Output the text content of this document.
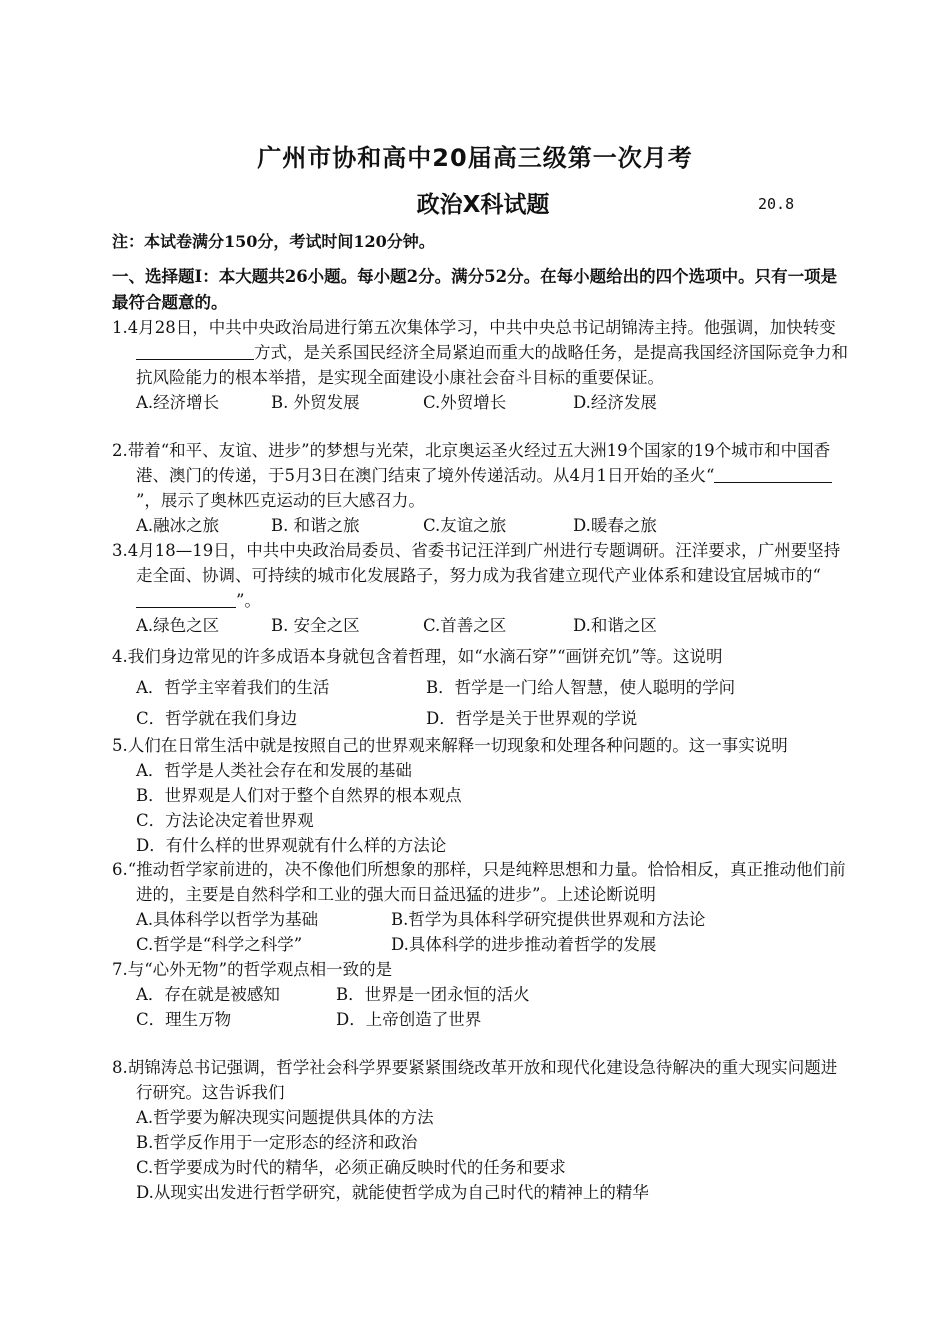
广州市协和高中20届高三级第一次月考
政治X科试题	20.8
注：本试卷满分150分，考试时间120分钟。
一、选择题Ⅰ：本大题共26小题。每小题2分。满分52分。在每小题给出的四个选项中。只有一项是最符合题意的。
1.4月28日，中共中央政治局进行第五次集体学习，中共中央总书记胡锦涛主持。他强调，加快转变方式，是关系国民经济全局紧迫而重大的战略任务，是提高我国经济国际竞争力和抗风险能力的根本举措，是实现全面建设小康社会奋斗目标的重要保证。
A.经济增长	B. 外贸发展	C.外贸增长	D.经济发展
2.带着“和平、友谊、进步”的梦想与光荣，北京奥运圣火经过五大洲19个国家的19个城市和中国香港、澳门的传递，于5月3日在澳门结束了境外传递活动。从4月1日开始的圣火“”，展示了奥林匹克运动的巨大感召力。
A.融冰之旅	B. 和谐之旅	C.友谊之旅	D.暖春之旅
3.4月18—19日，中共中央政治局委员、省委书记汪洋到广州进行专题调研。汪洋要求，广州要坚持走全面、协调、可持续的城市化发展路子，努力成为我省建立现代产业体系和建设宜居城市的“”。
A.绿色之区	B. 安全之区	C.首善之区	D.和谐之区
4.我们身边常见的许多成语本身就包含着哲理，如“水滴石穿”“画饼充饥”等。这说明
A．哲学主宰着我们的生活	B．哲学是一门给人智慧，使人聪明的学问
C．哲学就在我们身边	D．哲学是关于世界观的学说
5.人们在日常生活中就是按照自己的世界观来解释一切现象和处理各种问题的。这一事实说明
A．哲学是人类社会存在和发展的基础
B．世界观是人们对于整个自然界的根本观点
C．方法论决定着世界观
D．有什么样的世界观就有什么样的方法论
6.“推动哲学家前进的，决不像他们所想象的那样，只是纯粹思想和力量。恰恰相反，真正推动他们前进的，主要是自然科学和工业的强大而日益迅猛的进步”。上述论断说明
A.具体科学以哲学为基础	B.哲学为具体科学研究提供世界观和方法论
C.哲学是“科学之科学”	D.具体科学的进步推动着哲学的发展
7.与“心外无物”的哲学观点相一致的是
A．存在就是被感知	B．世界是一团永恒的活火
C．理生万物	D．上帝创造了世界
8.胡锦涛总书记强调，哲学社会科学界要紧紧围绕改革开放和现代化建设急待解决的重大现实问题进行研究。这告诉我们
A.哲学要为解决现实问题提供具体的方法
B.哲学反作用于一定形态的经济和政治
C.哲学要成为时代的精华，必须正确反映时代的任务和要求
D.从现实出发进行哲学研究，就能使哲学成为自己时代的精神上的精华
